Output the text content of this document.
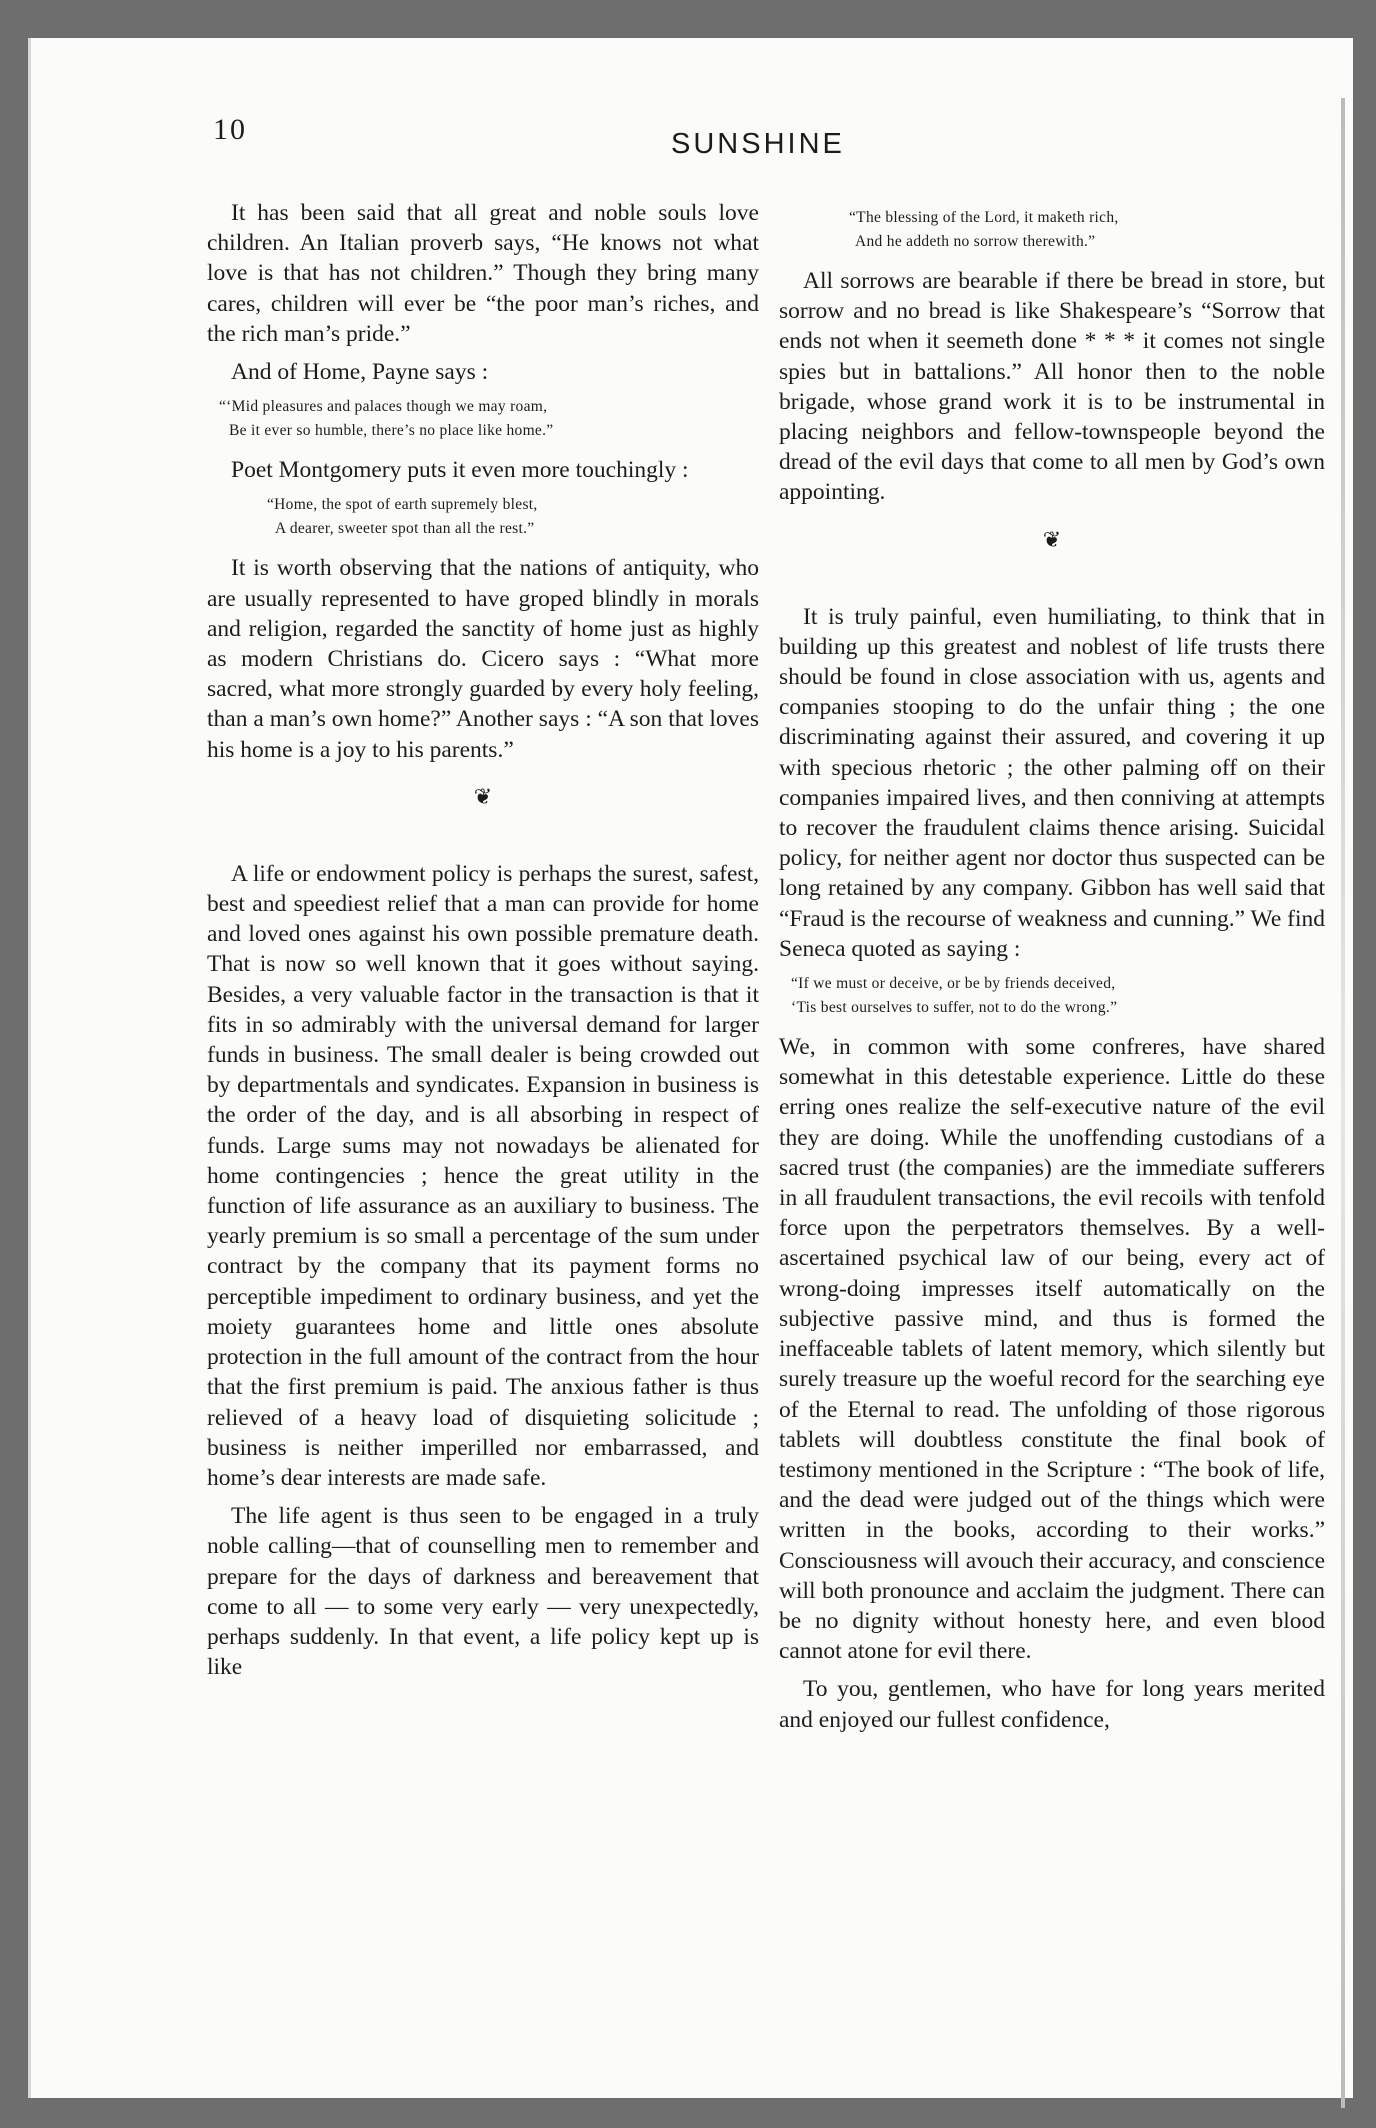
10	SUNSHINE

It has been said that all great and noble souls love children. An Italian proverb says, “He knows not what love is that has not children.” Though they bring many cares, children will ever be “the poor man’s riches, and the rich man’s pride.”

And of Home, Payne says :

“‘Mid pleasures and palaces though we may roam,
Be it ever so humble, there’s no place like home.”

Poet Montgomery puts it even more touchingly :

“Home, the spot of earth supremely blest,
A dearer, sweeter spot than all the rest.”

It is worth observing that the nations of antiquity, who are usually represented to have groped blindly in morals and religion, regarded the sanctity of home just as highly as modern Christians do. Cicero says : “What more sacred, what more strongly guarded by every holy feeling, than a man’s own home?” Another says : “A son that loves his home is a joy to his parents.”

❦

A life or endowment policy is perhaps the surest, safest, best and speediest relief that a man can provide for home and loved ones against his own possible premature death. That is now so well known that it goes without saying. Besides, a very valuable factor in the transaction is that it fits in so admirably with the universal demand for larger funds in business. The small dealer is being crowded out by departmentals and syndicates. Expansion in business is the order of the day, and is all absorbing in respect of funds. Large sums may not nowadays be alienated for home contingencies ; hence the great utility in the function of life assurance as an auxiliary to business. The yearly premium is so small a percentage of the sum under contract by the company that its payment forms no perceptible impediment to ordinary business, and yet the moiety guarantees home and little ones absolute protection in the full amount of the contract from the hour that the first premium is paid. The anxious father is thus relieved of a heavy load of disquieting solicitude ; business is neither imperilled nor embarrassed, and home’s dear interests are made safe.

The life agent is thus seen to be engaged in a truly noble calling—that of counselling men to remember and prepare for the days of darkness and bereavement that come to all — to some very early — very unexpectedly, perhaps suddenly. In that event, a life policy kept up is like

“The blessing of the Lord, it maketh rich,
And he addeth no sorrow therewith.”

All sorrows are bearable if there be bread in store, but sorrow and no bread is like Shakespeare’s “Sorrow that ends not when it seemeth done * * * it comes not single spies but in battalions.” All honor then to the noble brigade, whose grand work it is to be instrumental in placing neighbors and fellow-townspeople beyond the dread of the evil days that come to all men by God’s own appointing.

❦

It is truly painful, even humiliating, to think that in building up this greatest and noblest of life trusts there should be found in close association with us, agents and companies stooping to do the unfair thing ; the one discriminating against their assured, and covering it up with specious rhetoric ; the other palming off on their companies impaired lives, and then conniving at attempts to recover the fraudulent claims thence arising. Suicidal policy, for neither agent nor doctor thus suspected can be long retained by any company. Gibbon has well said that “Fraud is the recourse of weakness and cunning.” We find Seneca quoted as saying :

“If we must or deceive, or be by friends deceived,
‘Tis best ourselves to suffer, not to do the wrong.”

We, in common with some confreres, have shared somewhat in this detestable experience. Little do these erring ones realize the self-executive nature of the evil they are doing. While the unoffending custodians of a sacred trust (the companies) are the immediate sufferers in all fraudulent transactions, the evil recoils with tenfold force upon the perpetrators themselves. By a well-ascertained psychical law of our being, every act of wrong-doing impresses itself automatically on the subjective passive mind, and thus is formed the ineffaceable tablets of latent memory, which silently but surely treasure up the woeful record for the searching eye of the Eternal to read. The unfolding of those rigorous tablets will doubtless constitute the final book of testimony mentioned in the Scripture : “The book of life, and the dead were judged out of the things which were written in the books, according to their works.” Consciousness will avouch their accuracy, and conscience will both pronounce and acclaim the judgment. There can be no dignity without honesty here, and even blood cannot atone for evil there.

To you, gentlemen, who have for long years merited and enjoyed our fullest confidence,
